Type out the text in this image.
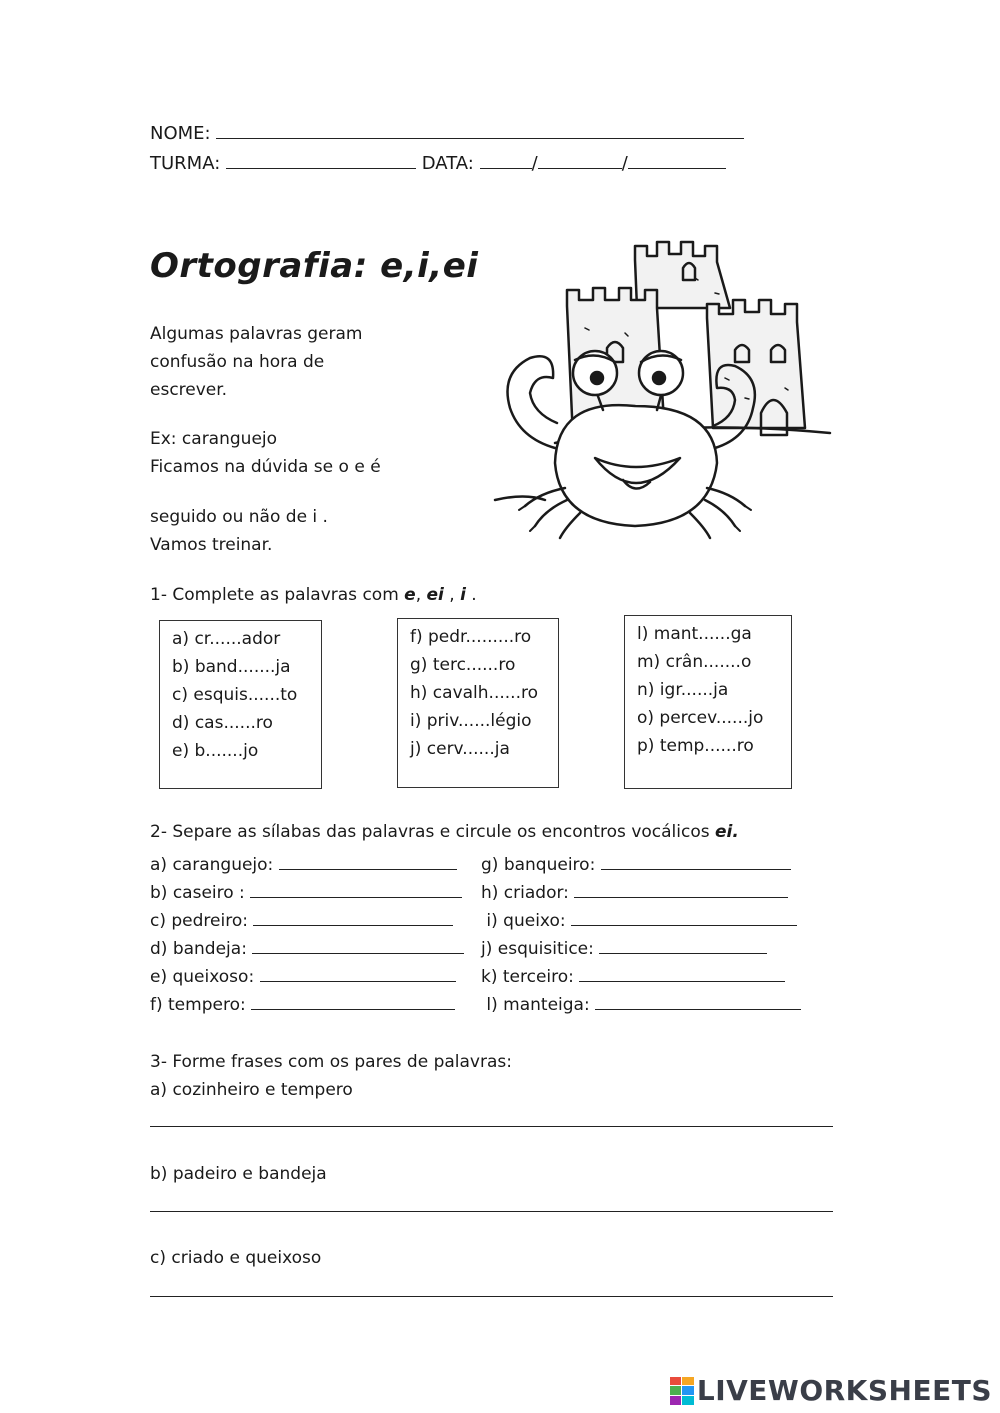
NOME:
TURMA:	DATA:	/	/
Ortografia: e,i,ei
Algumas palavras geram
confusão na hora de
escrever.
Ex: caranguejo
Ficamos na dúvida se o e é
seguido ou não de i .
Vamos treinar.
1- Complete as palavras com e, ei , i .
a) cr......ador
b) band.......ja
c) esquis......to
d) cas......ro
e) b.......jo
f) pedr.........ro
g) terc......ro
h) cavalh......ro
i) priv......légio
j) cerv......ja
l) mant......ga
m) crân.......o
n) igr......ja
o) percev......jo
p) temp......ro
2- Separe as sílabas das palavras e circule os encontros vocálicos ei.
a) caranguejo:
b) caseiro :
c) pedreiro:
d) bandeja:
e) queixoso:
f) tempero:
g) banqueiro:
h) criador:
i) queixo:
j) esquisitice:
k) terceiro:
l) manteiga:
3- Forme frases com os pares de palavras:
a) cozinheiro e tempero
b) padeiro e bandeja
c) criado e queixoso
LIVEWORKSHEETS
